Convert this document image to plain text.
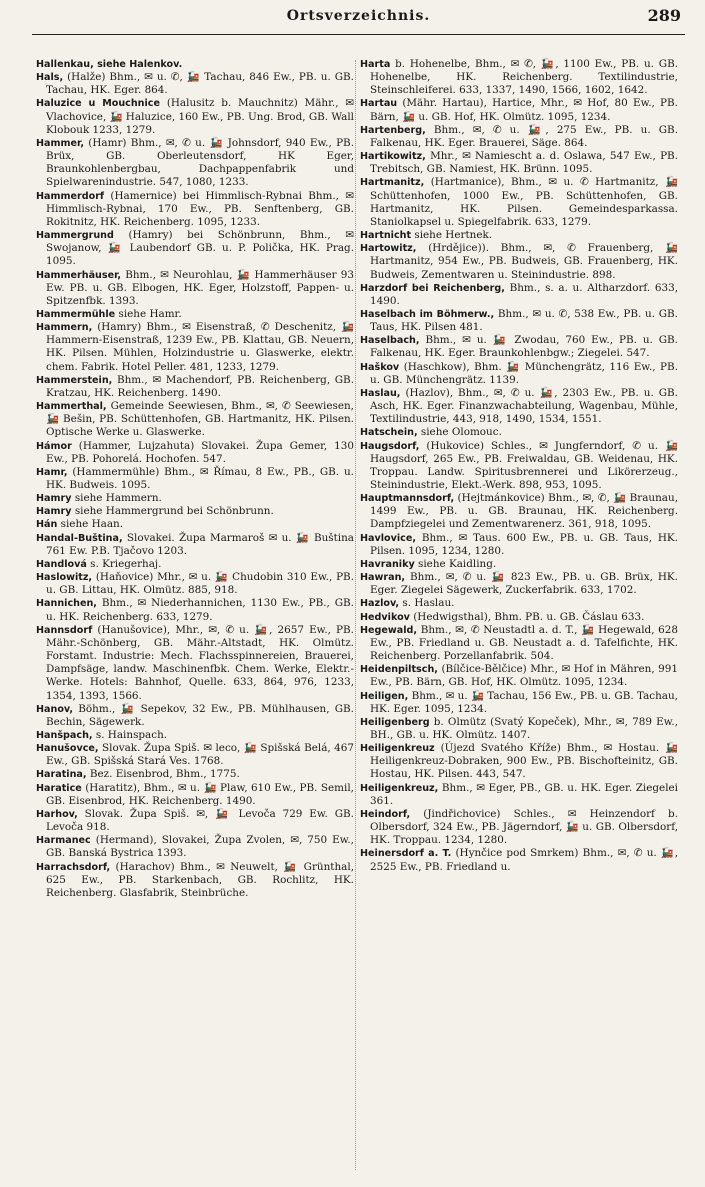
Ortsverzeichnis.	289

Hallenkau, siehe Halenkov.

Hals, (Halže) Bhm., ✉ u. ✆, 🚂 Tachau, 846 Ew., PB. u. GB. Tachau, HK. Eger. 864.

Haluzice u Mouchnice (Halusitz b. Mauchnitz) Mähr., ✉ Vlachovice, 🚂 Haluzice, 160 Ew., PB. Ung. Brod, GB. Wall Klobouk 1233, 1279.

Hammer, (Hamr) Bhm., ✉, ✆ u. 🚂 Johnsdorf, 940 Ew., PB. Brüx, GB. Oberleutensdorf, HK Eger, Braunkohlenbergbau, Dachpappenfabrik und Spielwarenindustrie. 547, 1080, 1233.

Hammerdorf (Hamernice) bei Himmlisch-Rybnai Bhm., ✉ Himmlisch-Rybnai, 170 Ew., PB. Senftenberg, GB. Rokitnitz, HK. Reichenberg. 1095, 1233.

Hammergrund (Hamry) bei Schönbrunn, Bhm., ✉ Swojanow, 🚂 Laubendorf GB. u. P. Polička, HK. Prag. 1095.

Hammerhäuser, Bhm., ✉ Neurohlau, 🚂 Hammerhäuser 93 Ew. PB. u. GB. Elbogen, HK. Eger, Holzstoff, Pappen- u. Spitzenfbk. 1393.

Hammermühle siehe Hamr.

Hammern, (Hamry) Bhm., ✉ Eisenstraß, ✆ Deschenitz, 🚂 Hammern-Eisenstraß, 1239 Ew., PB. Klattau, GB. Neuern, HK. Pilsen. Mühlen, Holzindustrie u. Glaswerke, elektr. chem. Fabrik. Hotel Peller. 481, 1233, 1279.

Hammerstein, Bhm., ✉ Machendorf, PB. Reichenberg, GB. Kratzau, HK. Reichenberg. 1490.

Hammerthal, Gemeinde Seewiesen, Bhm., ✉, ✆ Seewiesen, 🚂 Bešin, PB. Schüttenhofen, GB. Hartmanitz, HK. Pilsen. Optische Werke u. Glaswerke.

Hámor (Hammer, Lujzahuta) Slovakei. Župa Gemer, 130 Ew., PB. Pohorelá. Hochofen. 547.

Hamr, (Hammermühle) Bhm., ✉ Římau, 8 Ew., PB., GB. u. HK. Budweis. 1095.

Hamry siehe Hammern.

Hamry siehe Hammergrund bei Schönbrunn.

Hán siehe Haan.

Handal-Buština, Slovakei. Župa Marmaroš ✉ u. 🚂 Buština 761 Ew. P.B. Tjačovo 1203.

Handlová s. Kriegerhaj.

Haslowitz, (Haňovice) Mhr., ✉ u. 🚂 Chudobin 310 Ew., PB. u. GB. Littau, HK. Olmütz. 885, 918.

Hannichen, Bhm., ✉ Niederhannichen, 1130 Ew., PB., GB. u. HK. Reichenberg. 633, 1279.

Hannsdorf (Hanušovice), Mhr., ✉, ✆ u. 🚂, 2657 Ew., PB. Mähr.-Schönberg, GB. Mähr.-Altstadt, HK. Olmütz. Forstamt. Industrie: Mech. Flachsspinnereien, Brauerei, Dampfsäge, landw. Maschinenfbk. Chem. Werke, Elektr.-Werke. Hotels: Bahnhof, Quelle. 633, 864, 976, 1233, 1354, 1393, 1566.

Hanov, Böhm., 🚂 Sepekov, 32 Ew., PB. Mühlhausen, GB. Bechin, Sägewerk.

Hanšpach, s. Hainspach.

Hanušovce, Slovak. Župa Spiš. ✉ leco, 🚂 Spišská Belá, 467 Ew., GB. Spišská Stará Ves. 1768.

Haratina, Bez. Eisenbrod, Bhm., 1775.

Haratice (Haratitz), Bhm., ✉ u. 🚂 Plaw, 610 Ew., PB. Semil, GB. Eisenbrod, HK. Reichenberg. 1490.

Harhov, Slovak. Župa Spiš. ✉, 🚂 Levoča 729 Ew. GB. Levoča 918.

Harmanec (Hermand), Slovakei, Župa Zvolen, ✉, 750 Ew., GB. Banská Bystrica 1393.

Harrachsdorf, (Harachov) Bhm., ✉ Neuwelt, 🚂 Grünthal, 625 Ew., PB. Starkenbach, GB. Rochlitz, HK. Reichenberg. Glasfabrik, Steinbrüche.

Harta b. Hohenelbe, Bhm., ✉ ✆, 🚂, 1100 Ew., PB. u. GB. Hohenelbe, HK. Reichenberg. Textilindustrie, Steinschleiferei. 633, 1337, 1490, 1566, 1602, 1642.

Hartau (Mähr. Hartau), Hartice, Mhr., ✉ Hof, 80 Ew., PB. Bärn, 🚂 u. GB. Hof, HK. Olmütz. 1095, 1234.

Hartenberg, Bhm., ✉, ✆ u. 🚂, 275 Ew., PB. u. GB. Falkenau, HK. Eger. Brauerei, Säge. 864.

Hartikowitz, Mhr., ✉ Namiescht a. d. Oslawa, 547 Ew., PB. Trebitsch, GB. Namiest, HK. Brünn. 1095.

Hartmanitz, (Hartmanice), Bhm., ✉ u. ✆ Hartmanitz, 🚂 Schüttenhofen, 1000 Ew., PB. Schüttenhofen, GB. Hartmanitz, HK. Pilsen. Gemeindesparkassa. Staniolkapsel u. Spiegelfabrik. 633, 1279.

Hartnicht siehe Hertnek.

Hartowitz, (Hrdějice)). Bhm., ✉, ✆ Frauenberg, 🚂 Hartmanitz, 954 Ew., PB. Budweis, GB. Frauenberg, HK. Budweis, Zementwaren u. Steinindustrie. 898.

Harzdorf bei Reichenberg, Bhm., s. a. u. Altharzdorf. 633, 1490.

Haselbach im Böhmerw., Bhm., ✉ u. ✆, 538 Ew., PB. u. GB. Taus, HK. Pilsen 481.

Haselbach, Bhm., ✉ u. 🚂 Zwodau, 760 Ew., PB. u. GB. Falkenau, HK. Eger. Braunkohlenbgw.; Ziegelei. 547.

Haškov (Haschkow), Bhm. 🚂 Münchengrätz, 116 Ew., PB. u. GB. Münchengrätz. 1139.

Haslau, (Hazlov), Bhm., ✉, ✆ u. 🚂, 2303 Ew., PB. u. GB. Asch, HK. Eger. Finanzwachabteilung, Wagenbau, Mühle, Textilindustrie, 443, 918, 1490, 1534, 1551.

Hatschein, siehe Olomouc.

Haugsdorf, (Hukovice) Schles., ✉ Jungferndorf, ✆ u. 🚂 Haugsdorf, 265 Ew., PB. Freiwaldau, GB. Weidenau, HK. Troppau. Landw. Spiritusbrennerei und Likörerzeug., Steinindustrie, Elekt.-Werk. 898, 953, 1095.

Hauptmannsdorf, (Hejtmánkovice) Bhm., ✉, ✆, 🚂 Braunau, 1499 Ew., PB. u. GB. Braunau, HK. Reichenberg. Dampfziegelei und Zementwarenerz. 361, 918, 1095.

Havlovice, Bhm., ✉ Taus. 600 Ew., PB. u. GB. Taus, HK. Pilsen. 1095, 1234, 1280.

Havraniky siehe Kaidling.

Hawran, Bhm., ✉, ✆ u. 🚂 823 Ew., PB. u. GB. Brüx, HK. Eger. Ziegelei Sägewerk, Zuckerfabrik. 633, 1702.

Hazlov, s. Haslau.

Hedvikov (Hedwigsthal), Bhm. PB. u. GB. Čáslau 633.

Hegewald, Bhm., ✉, ✆ Neustadtl a. d. T., 🚂 Hegewald, 628 Ew., PB. Friedland u. GB. Neustadt a. d. Tafelfichte, HK. Reichenberg. Porzellanfabrik. 504.

Heidenpiltsch, (Bílčice-Bělčice) Mhr., ✉ Hof in Mähren, 991 Ew., PB. Bärn, GB. Hof, HK. Olmütz. 1095, 1234.

Heiligen, Bhm., ✉ u. 🚂 Tachau, 156 Ew., PB. u. GB. Tachau, HK. Eger. 1095, 1234.

Heiligenberg b. Olmütz (Svatý Kopeček), Mhr., ✉, 789 Ew., BH., GB. u. HK. Olmütz. 1407.

Heiligenkreuz (Újezd Svatého Kříže) Bhm., ✉ Hostau. 🚂 Heiligenkreuz-Dobraken, 900 Ew., PB. Bischofteinitz, GB. Hostau, HK. Pilsen. 443, 547.

Heiligenkreuz, Bhm., ✉ Eger, PB., GB. u. HK. Eger. Ziegelei 361.

Heindorf, (Jindřichovice) Schles., ✉ Heinzendorf b. Olbersdorf, 324 Ew., PB. Jägerndorf, 🚂 u. GB. Olbersdorf, HK. Troppau. 1234, 1280.

Heinersdorf a. T. (Hynčice pod Smrkem) Bhm., ✉, ✆ u. 🚂, 2525 Ew., PB. Friedland u.
